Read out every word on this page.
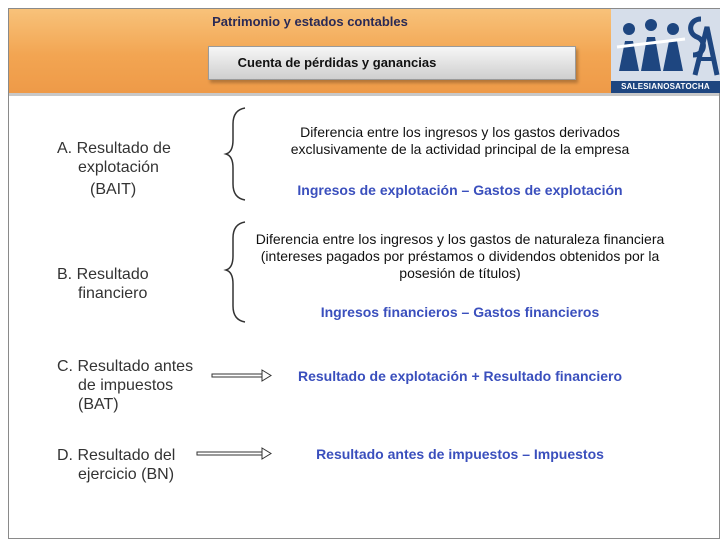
Patrimonio y estados contables
Cuenta de pérdidas y ganancias
SALESIANOSATOCHA
A. Resultado de
explotación
(BAIT)
Diferencia entre los ingresos y los gastos derivados exclusivamente de la actividad principal de la empresa
Ingresos de explotación – Gastos de explotación
B. Resultado
financiero
Diferencia entre los ingresos y los gastos de naturaleza financiera (intereses pagados por préstamos o dividendos obtenidos por la posesión de títulos)
Ingresos financieros – Gastos financieros
C. Resultado antes
de impuestos
(BAT)
Resultado de explotación + Resultado financiero
D. Resultado del
ejercicio (BN)
Resultado antes de impuestos – Impuestos
